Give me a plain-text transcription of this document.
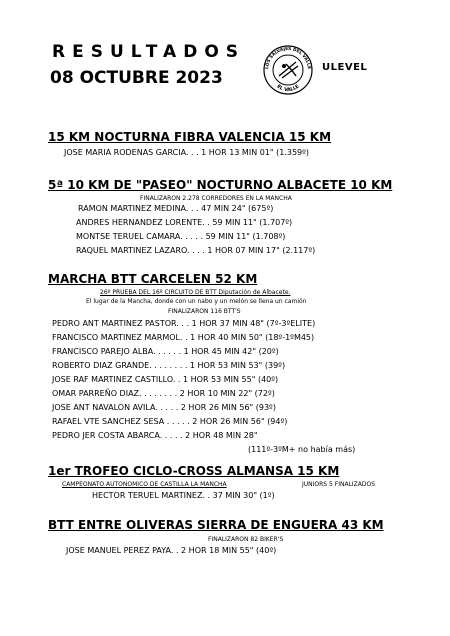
RESULTADOS
08 OCTUBRE 2023
LOS SALVAJES DEL VALLE
EL VALLE
ULEVEL
15 KM NOCTURNA FIBRA VALENCIA 15 KM
JOSE MARIA RODENAS GARCIA. . . 1 HOR 13 MIN 01" (1.359º)
5ª 10 KM DE "PASEO" NOCTURNO ALBACETE 10 KM
FINALIZARON 2.278 CORREDORES EN LA MANCHA
RAMON MARTINEZ MEDINA. . . 47 MIN 24" (675º)
ANDRES HERNANDEZ LORENTE. . 59 MIN 11" (1.707º)
MONTSE TERUEL CAMARA. . . . . 59 MIN 11" (1.708º)
RAQUEL MARTINEZ LAZARO. . . . 1 HOR 07 MIN 17" (2.117º)
MARCHA BTT CARCELEN 52 KM
26º PRUEBA DEL 16º CIRCUITO DE BTT Diputación de Albacete.
El lugar de la Mancha, donde con un nabo y un melón se llena un camión
FINALIZARON 116 BTT'S
PEDRO ANT MARTINEZ PASTOR. . . 1 HOR 37 MIN 48" (7º-3ºELITE)
FRANCISCO MARTINEZ MARMOL. . 1 HOR 40 MIN 50" (18º-1ºM45)
FRANCISCO PAREJO ALBA. . . . . . 1 HOR 45 MIN 42" (20º)
ROBERTO DIAZ GRANDE. . . . . . . . 1 HOR 53 MIN 53" (39º)
JOSE RAF MARTINEZ CASTILLO. . 1 HOR 53 MIN 55" (40º)
OMAR PARREÑO DIAZ. . . . . . . . 2 HOR 10 MIN 22" (72º)
JOSE ANT NAVALON AVILA. . . . . 2 HOR 26 MIN 56" (93º)
RAFAEL VTE SANCHEZ SESA . . . . . 2 HOR 26 MIN 56" (94º)
PEDRO JER COSTA ABARCA. . . . . 2 HOR 48 MIN 28"
(111º-3ºM+ no había más)
1er TROFEO CICLO-CROSS ALMANSA 15 KM
CAMPEONATO AUTONOMICO DE CASTILLA LA MANCHA	JUNIORS 5 FINALIZADOS
HECTOR TERUEL MARTINEZ. . 37 MIN 30" (1º)
BTT ENTRE OLIVERAS SIERRA DE ENGUERA 43 KM
FINALIZARON 82 BIKER'S
JOSE MANUEL PEREZ PAYA. . 2 HOR 18 MIN 55" (40º)
